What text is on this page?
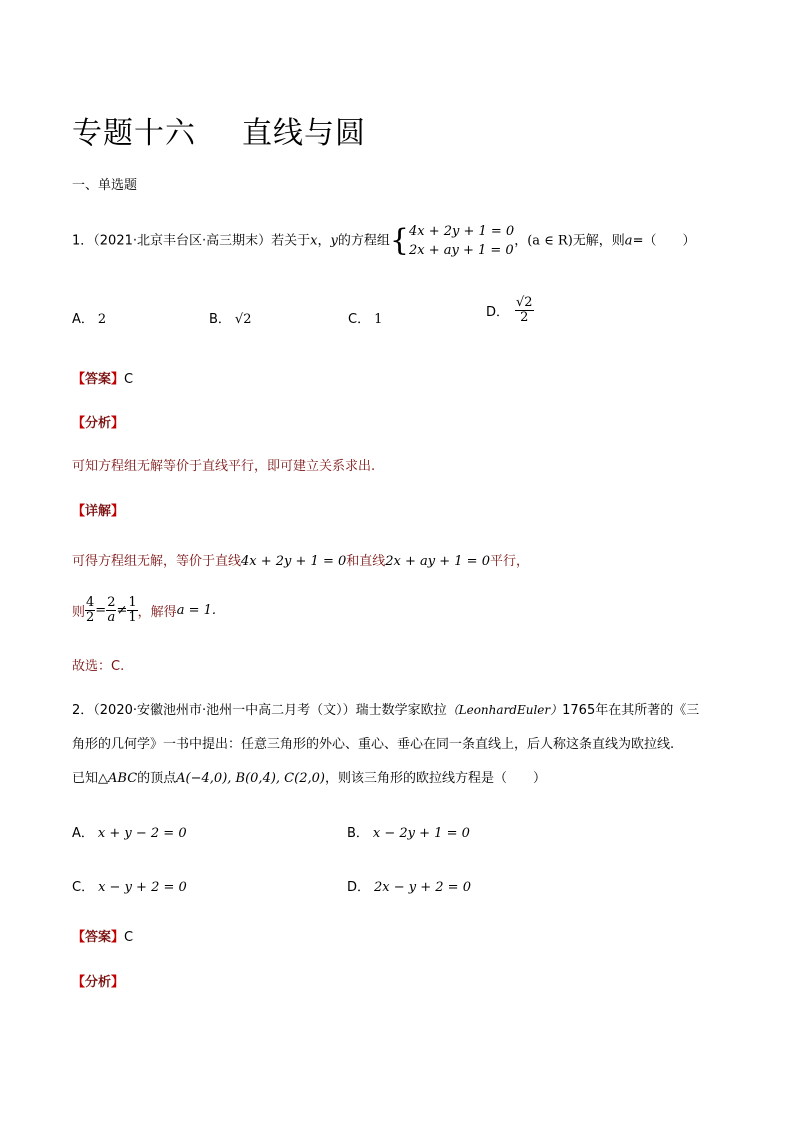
专题十六 直线与圆
一、单选题
1．（2021·北京丰台区·高三期末）若关于x，y的方程组{ 4x + 2y + 1 = 0
2x + ay + 1 = 0
，(a ∈ R)无解，则a=（　　）
A． 2	B． √2	C． 1	D． $\frac{√2}{2}$
【答案】C
【分析】
可知方程组无解等价于直线平行，即可建立关系求出.
【详解】
可得方程组无解，等价于直线4x + 2y + 1 = 0和直线2x + ay + 1 = 0平行，
则 $\frac{4}{2} = \frac{2}{a} \ne \frac{1}{1}$ ，解得a = 1.
故选：C.
2．（2020·安徽池州市·池州一中高二月考（文））瑞士数学家欧拉（LeonhardEuler）1765年在其所著的《三
角形的几何学》一书中提出：任意三角形的外心、重心、垂心在同一条直线上，后人称这条直线为欧拉线.
已知△ABC的顶点A(−4,0), B(0,4), C(2,0)，则该三角形的欧拉线方程是（　　）
A． x + y − 2 = 0	B． x − 2y + 1 = 0
C． x − y + 2 = 0	D． 2x − y + 2 = 0
【答案】C
【分析】
